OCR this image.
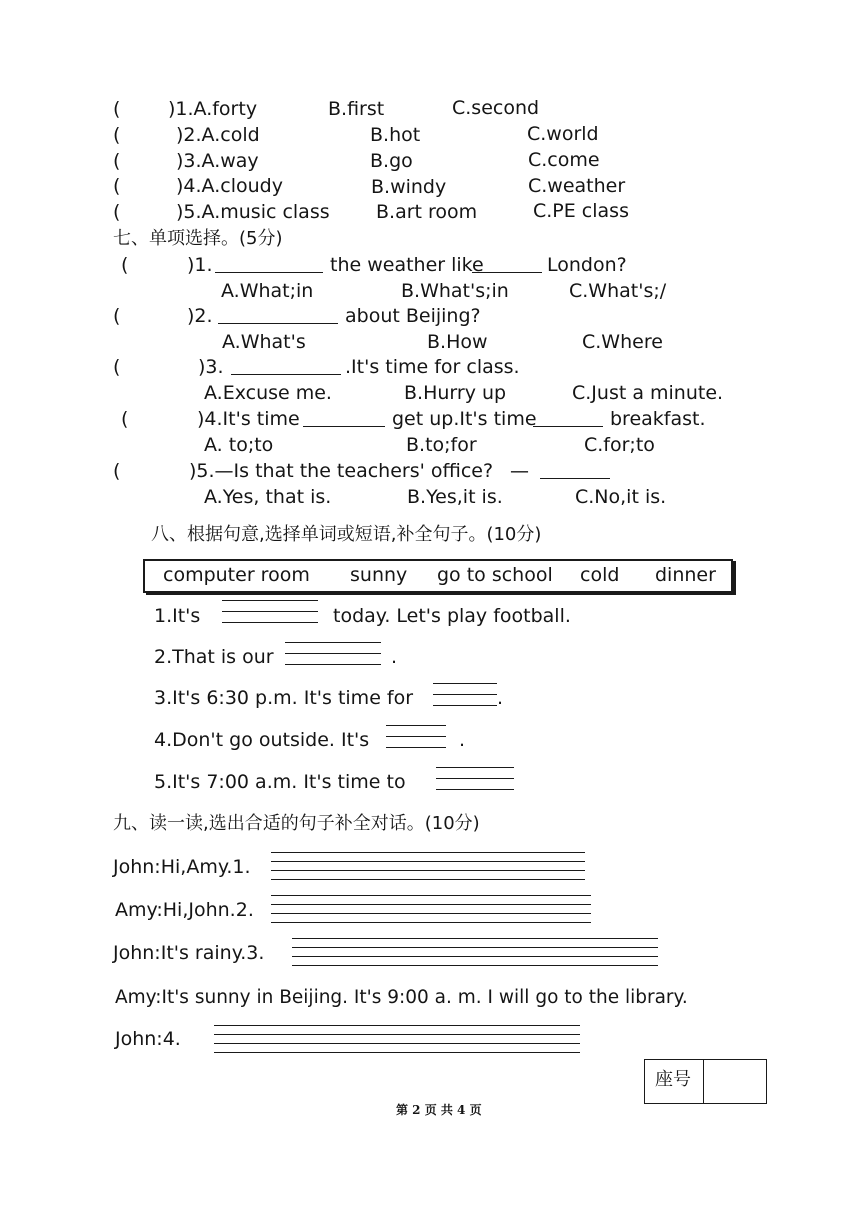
(	)1.A.forty	B.first	C.second
(	)2.A.cold	B.hot	C.world
(	)3.A.way	B.go	C.come
(	)4.A.cloudy	B.windy	C.weather
(	)5.A.music class B.art room	C.PE class
七、单项选择。(5分)
(	)1.	the weather like	London?
A.What;in	B.What's;in	C.What's;/
(	)2.	about Beijing?
A.What's	B.How	C.Where
(	)3.	.It's time for class.
A.Excuse me.	B.Hurry up	C.Just a minute.
(	)4.It's time	get up.It's time	breakfast.
A. to;to	B.to;for	C.for;to
(	)5.—Is that the teachers' office? —
A.Yes, that is.	B.Yes,it is.	C.No,it is.
八、根据句意,选择单词或短语,补全句子。(10分)
computer room sunny go to school cold dinner
1.It's	today. Let's play football.
2.That is our	.
3.It's 6:30 p.m. It's time for	.
4.Don't go outside. It's	.
5.It's 7:00 a.m. It's time to
九、读一读,选出合适的句子补全对话。(10分)
John:Hi,Amy.1.
Amy:Hi,John.2.
John:It's rainy.3.
Amy:It's sunny in Beijing. It's 9:00 a. m. I will go to the library.
John:4.
座号
第 2 页 共 4 页
